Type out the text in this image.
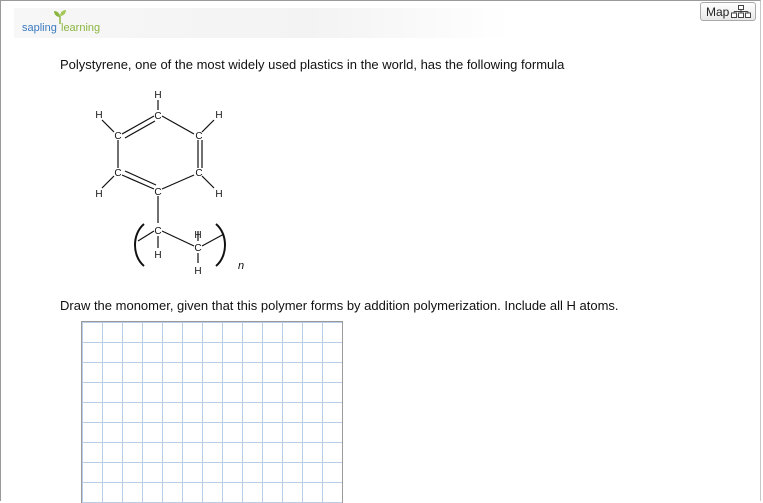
sapling learning
Map
Polystyrene, one of the most widely used plastics in the world, has the following formula
C
C
C
C
C
C
H
H
H
H	H
C
H
H
C
H	n
Draw the monomer, given that this polymer forms by addition polymerization. Include all H atoms.
